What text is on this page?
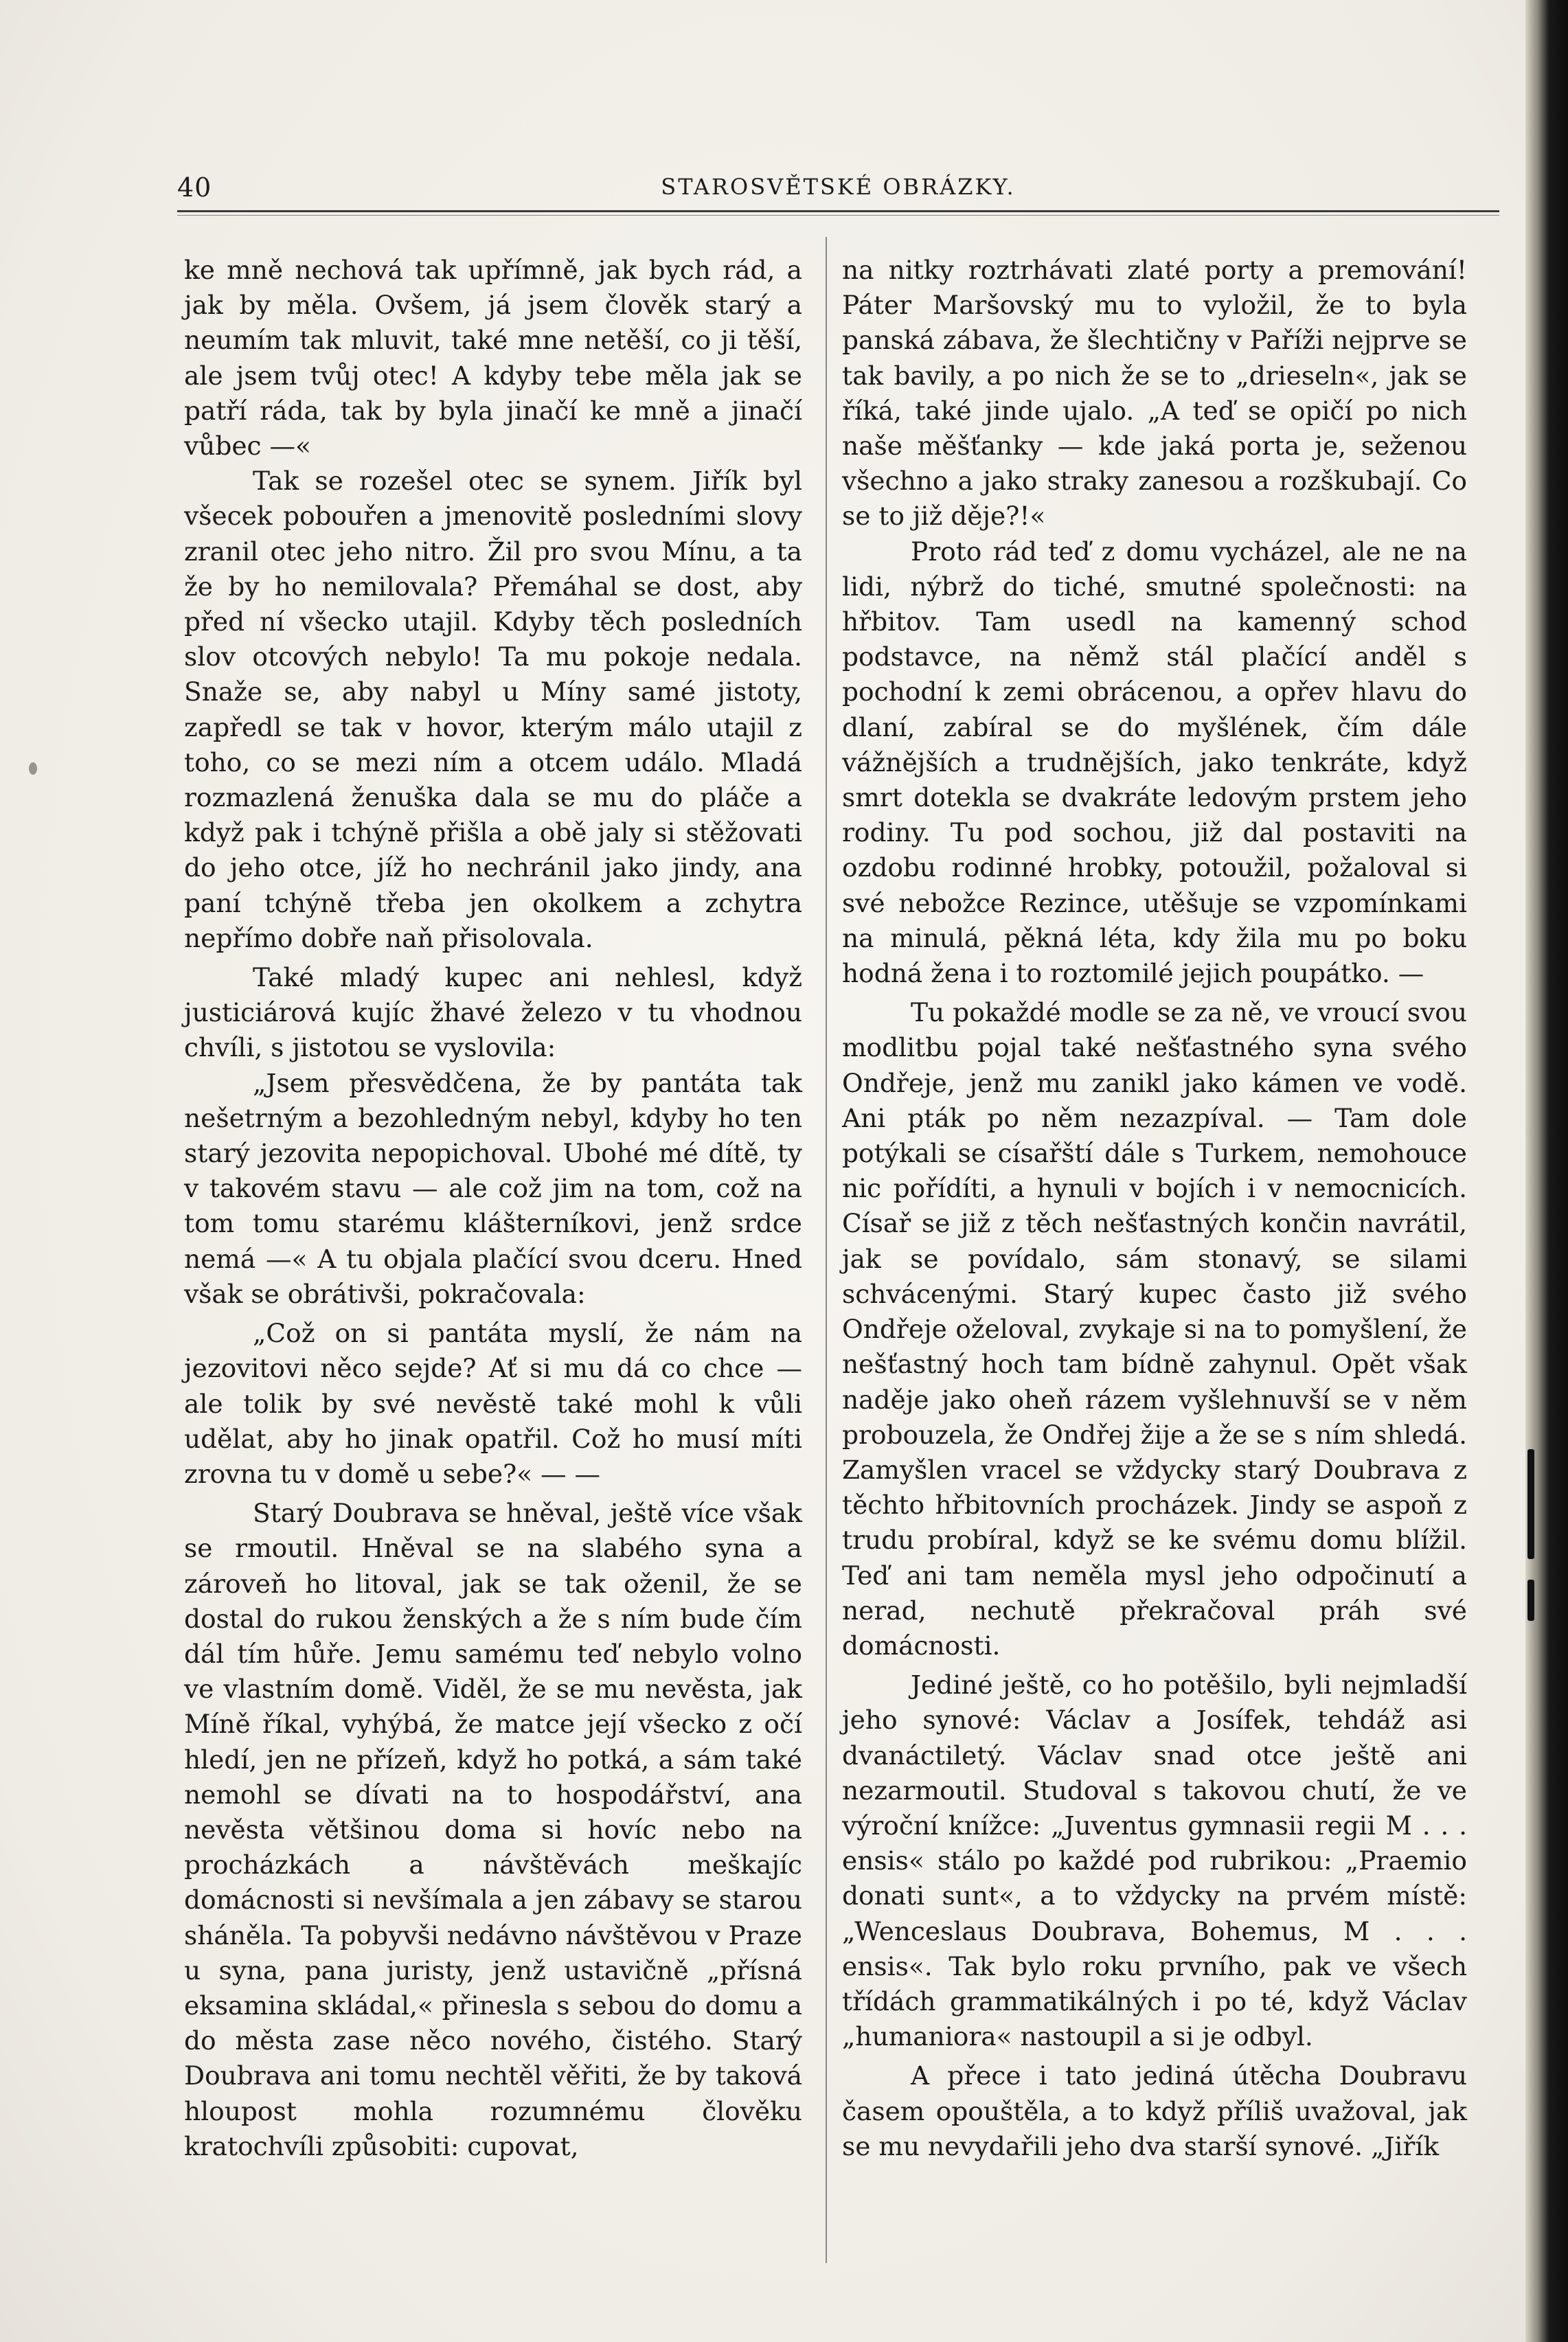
40	STAROSVĚTSKÉ OBRÁZKY.

ke mně nechová tak upřímně, jak bych rád, a jak by měla. Ovšem, já jsem člověk starý a neumím tak mluvit, také mne netěší, co ji těší, ale jsem tvůj otec! A kdyby tebe měla jak se patří ráda, tak by byla jinačí ke mně a jinačí vůbec —«

Tak se rozešel otec se synem. Jiřík byl všecek pobouřen a jmenovitě posledními slovy zranil otec jeho nitro. Žil pro svou Mínu, a ta že by ho nemilovala? Přemáhal se dost, aby před ní všecko utajil. Kdyby těch posledních slov otcových nebylo! Ta mu pokoje nedala. Snaže se, aby nabyl u Míny samé jistoty, zapředl se tak v hovor, kterým málo utajil z toho, co se mezi ním a otcem událo. Mladá rozmazlená ženuška dala se mu do pláče a když pak i tchýně přišla a obě jaly si stěžovati do jeho otce, jíž ho nechránil jako jindy, ana paní tchýně třeba jen okolkem a zchytra nepřímo dobře naň přisolovala.

Také mladý kupec ani nehlesl, když justiciárová kujíc žhavé železo v tu vhodnou chvíli, s jistotou se vyslovila:

„Jsem přesvědčena, že by pantáta tak nešetrným a bezohledným nebyl, kdyby ho ten starý jezovita nepopichoval. Ubohé mé dítě, ty v takovém stavu — ale což jim na tom, což na tom tomu starému klášterníkovi, jenž srdce nemá —« A tu objala plačící svou dceru. Hned však se obrátivši, pokračovala:

„Což on si pantáta myslí, že nám na jezovitovi něco sejde? Ať si mu dá co chce — ale tolik by své nevěstě také mohl k vůli udělat, aby ho jinak opatřil. Což ho musí míti zrovna tu v domě u sebe?« — —

Starý Doubrava se hněval, ještě více však se rmoutil. Hněval se na slabého syna a zároveň ho litoval, jak se tak oženil, že se dostal do rukou ženských a že s ním bude čím dál tím hůře. Jemu samému teď nebylo volno ve vlastním domě. Viděl, že se mu nevěsta, jak Míně říkal, vyhýbá, že matce její všecko z očí hledí, jen ne přízeň, když ho potká, a sám také nemohl se dívati na to hospodářství, ana nevěsta většinou doma si hovíc nebo na procházkách a návštěvách meškajíc domácnosti si nevšímala a jen zábavy se starou sháněla. Ta pobyvši nedávno návštěvou v Praze u syna, pana juristy, jenž ustavičně „přísná eksamina skládal,« přinesla s sebou do domu a do města zase něco nového, čistého. Starý Doubrava ani tomu nechtěl věřiti, že by taková hloupost mohla rozumnému člověku kratochvíli způsobiti: cupovat,

na nitky roztrhávati zlaté porty a premování! Páter Maršovský mu to vyložil, že to byla panská zábava, že šlechtičny v Paříži nejprve se tak bavily, a po nich že se to „drieseln«, jak se říká, také jinde ujalo. „A teď se opičí po nich naše měšťanky — kde jaká porta je, seženou všechno a jako straky zanesou a rozškubají. Co se to již děje?!«

Proto rád teď z domu vycházel, ale ne na lidi, nýbrž do tiché, smutné společnosti: na hřbitov. Tam usedl na kamenný schod podstavce, na němž stál plačící anděl s pochodní k zemi obrácenou, a opřev hlavu do dlaní, zabíral se do myšlének, čím dále vážnějších a trudnějších, jako tenkráte, když smrt dotekla se dvakráte ledovým prstem jeho rodiny. Tu pod sochou, již dal postaviti na ozdobu rodinné hrobky, potoužil, požaloval si své nebožce Rezince, utěšuje se vzpomínkami na minulá, pěkná léta, kdy žila mu po boku hodná žena i to roztomilé jejich poupátko. —

Tu pokaždé modle se za ně, ve vroucí svou modlitbu pojal také nešťastného syna svého Ondřeje, jenž mu zanikl jako kámen ve vodě. Ani pták po něm nezazpíval. — Tam dole potýkali se císařští dále s Turkem, nemohouce nic pořídíti, a hynuli v bojích i v nemocnicích. Císař se již z těch nešťastných končin navrátil, jak se povídalo, sám stonavý, se silami schvácenými. Starý kupec často již svého Ondřeje oželoval, zvykaje si na to pomyšlení, že nešťastný hoch tam bídně zahynul. Opět však naděje jako oheň rázem vyšlehnuvší se v něm probouzela, že Ondřej žije a že se s ním shledá. Zamyšlen vracel se vždycky starý Doubrava z těchto hřbitovních procházek. Jindy se aspoň z trudu probíral, když se ke svému domu blížil. Teď ani tam neměla mysl jeho odpočinutí a nerad, nechutě překračoval práh své domácnosti.

Jediné ještě, co ho potěšilo, byli nejmladší jeho synové: Václav a Josífek, tehdáž asi dvanáctiletý. Václav snad otce ještě ani nezarmoutil. Studoval s takovou chutí, že ve výroční knížce: „Juventus gymnasii regii M . . . ensis« stálo po každé pod rubrikou: „Praemio donati sunt«, a to vždycky na prvém místě: „Wenceslaus Doubrava, Bohemus, M . . . ensis«. Tak bylo roku prvního, pak ve všech třídách grammatikálných i po té, když Václav „humaniora« nastoupil a si je odbyl.

A přece i tato jediná útěcha Doubravu časem opouštěla, a to když příliš uvažoval, jak se mu nevydařili jeho dva starší synové. „Jiřík
